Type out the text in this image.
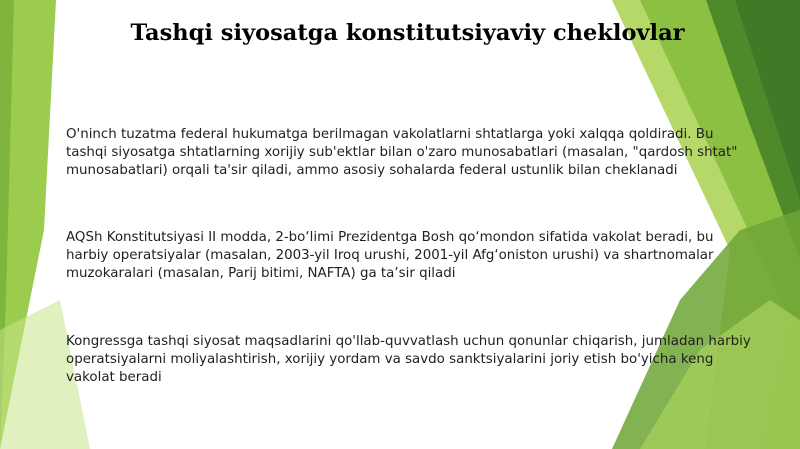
Tashqi siyosatga konstitutsiyaviy cheklovlar

O'ninch tuzatma federal hukumatga berilmagan vakolatlarni shtatlarga yoki xalqqa qoldiradi. Bu tashqi siyosatga shtatlarning xorijiy sub'ektlar bilan o'zaro munosabatlari (masalan, "qardosh shtat" munosabatlari) orqali ta'sir qiladi, ammo asosiy sohalarda federal ustunlik bilan cheklanadi

AQSh Konstitutsiyasi II modda, 2-bo‘limi Prezidentga Bosh qo‘mondon sifatida vakolat beradi, bu harbiy operatsiyalar (masalan, 2003-yil Iroq urushi, 2001-yil Afg‘oniston urushi) va shartnomalar muzokaralari (masalan, Parij bitimi, NAFTA) ga ta’sir qiladi

Kongressga tashqi siyosat maqsadlarini qo'llab-quvvatlash uchun qonunlar chiqarish, jumladan harbiy operatsiyalarni moliyalashtirish, xorijiy yordam va savdo sanktsiyalarini joriy etish bo'yicha keng vakolat beradi
